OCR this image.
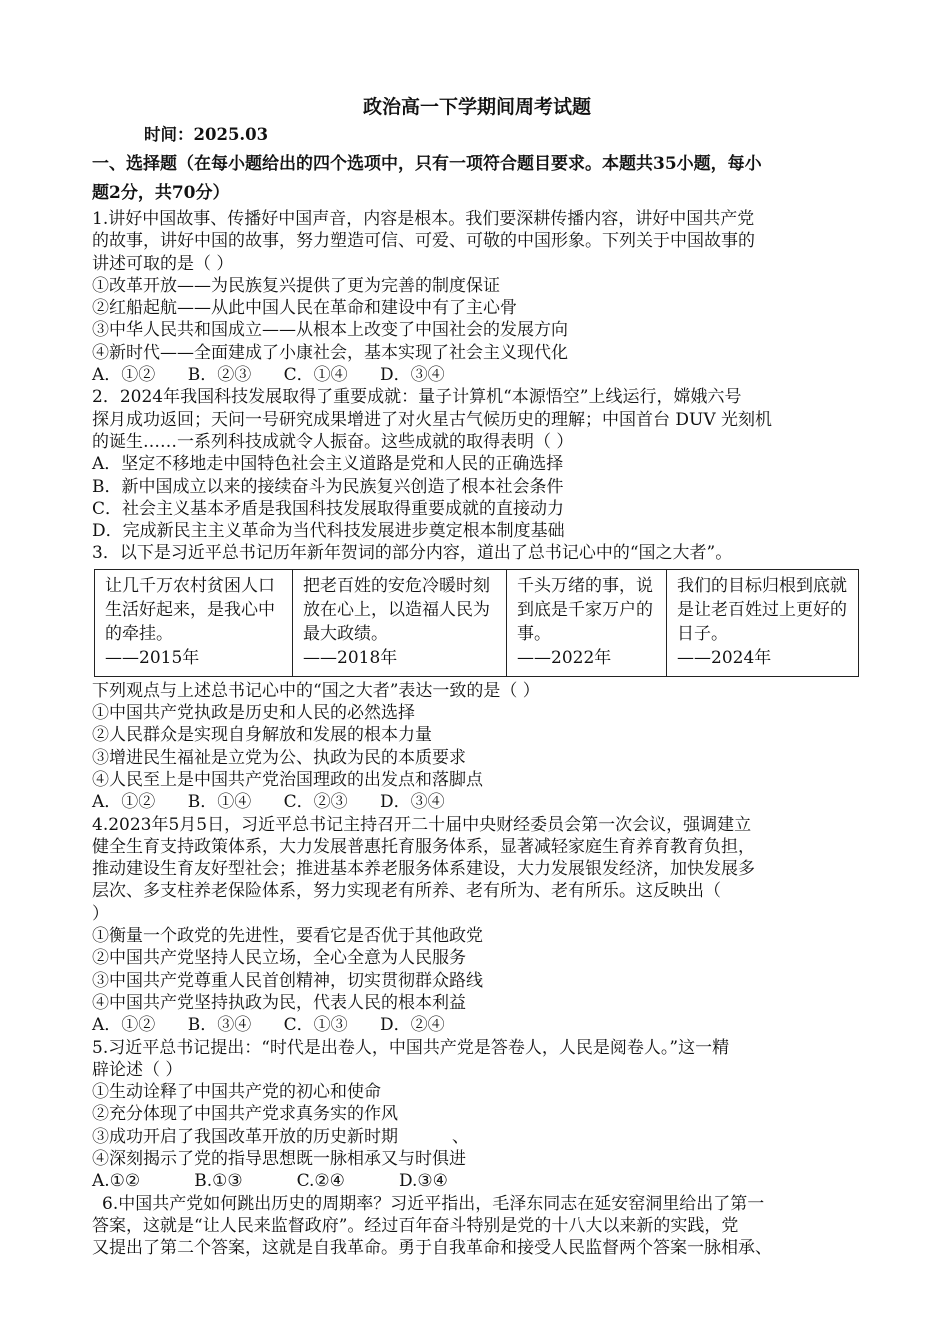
政治高一下学期间周考试题
时间：2025.03
一、选择题（在每小题给出的四个选项中，只有一项符合题目要求。本题共35小题，每小
题2分，共70分）
1.讲好中国故事、传播好中国声音，内容是根本。我们要深耕传播内容，讲好中国共产党
的故事，讲好中国的故事，努力塑造可信、可爱、可敬的中国形象。下列关于中国故事的
讲述可取的是（ ）
①改革开放——为民族复兴提供了更为完善的制度保证
②红船起航——从此中国人民在革命和建设中有了主心骨
③中华人民共和国成立——从根本上改变了中国社会的发展方向
④新时代——全面建成了小康社会，基本实现了社会主义现代化
A．①②      B．②③      C．①④      D．③④
2．2024年我国科技发展取得了重要成就：量子计算机“本源悟空”上线运行，嫦娥六号
探月成功返回；天问一号研究成果增进了对火星古气候历史的理解；中国首台 DUV 光刻机
的诞生……一系列科技成就令人振奋。这些成就的取得表明（ ）
A．坚定不移地走中国特色社会主义道路是党和人民的正确选择
B．新中国成立以来的接续奋斗为民族复兴创造了根本社会条件
C．社会主义基本矛盾是我国科技发展取得重要成就的直接动力
D．完成新民主主义革命为当代科技发展进步奠定根本制度基础
3．以下是习近平总书记历年新年贺词的部分内容，道出了总书记心中的“国之大者”。
让几千万农村贫困人口生活好起来，是我心中的牵挂。
——2015年
	把老百姓的安危冷暖时刻放在心上，以造福人民为最大政绩。
——2018年
	千头万绪的事，说到底是千家万户的事。
——2022年
	我们的目标归根到底就是让老百姓过上更好的日子。
——2024年
下列观点与上述总书记心中的“国之大者”表达一致的是（ ）
①中国共产党执政是历史和人民的必然选择
②人民群众是实现自身解放和发展的根本力量
③增进民生福祉是立党为公、执政为民的本质要求
④人民至上是中国共产党治国理政的出发点和落脚点
A．①②      B．①④      C．②③      D．③④
4.2023年5月5日，习近平总书记主持召开二十届中央财经委员会第一次会议，强调建立
健全生育支持政策体系，大力发展普惠托育服务体系，显著减轻家庭生育养育教育负担，
推动建设生育友好型社会；推进基本养老服务体系建设，大力发展银发经济，加快发展多
层次、多支柱养老保险体系，努力实现老有所养、老有所为、老有所乐。这反映出（
）
①衡量一个政党的先进性，要看它是否优于其他政党
②中国共产党坚持人民立场，全心全意为人民服务
③中国共产党尊重人民首创精神，切实贯彻群众路线
④中国共产党坚持执政为民，代表人民的根本利益
A．①②      B．③④      C．①③      D．②④
5.习近平总书记提出：“时代是出卷人，中国共产党是答卷人，人民是阅卷人。”这一精
辟论述（ ）
①生动诠释了中国共产党的初心和使命
②充分体现了中国共产党求真务实的作风
③成功开启了我国改革开放的历史新时期          、
④深刻揭示了党的指导思想既一脉相承又与时俱进
A.①②          B.①③          C.②④          D.③④
6.中国共产党如何跳出历史的周期率？习近平指出，毛泽东同志在延安窑洞里给出了第一
答案，这就是“让人民来监督政府”。经过百年奋斗特别是党的十八大以来新的实践，党
又提出了第二个答案，这就是自我革命。勇于自我革命和接受人民监督两个答案一脉相承、
